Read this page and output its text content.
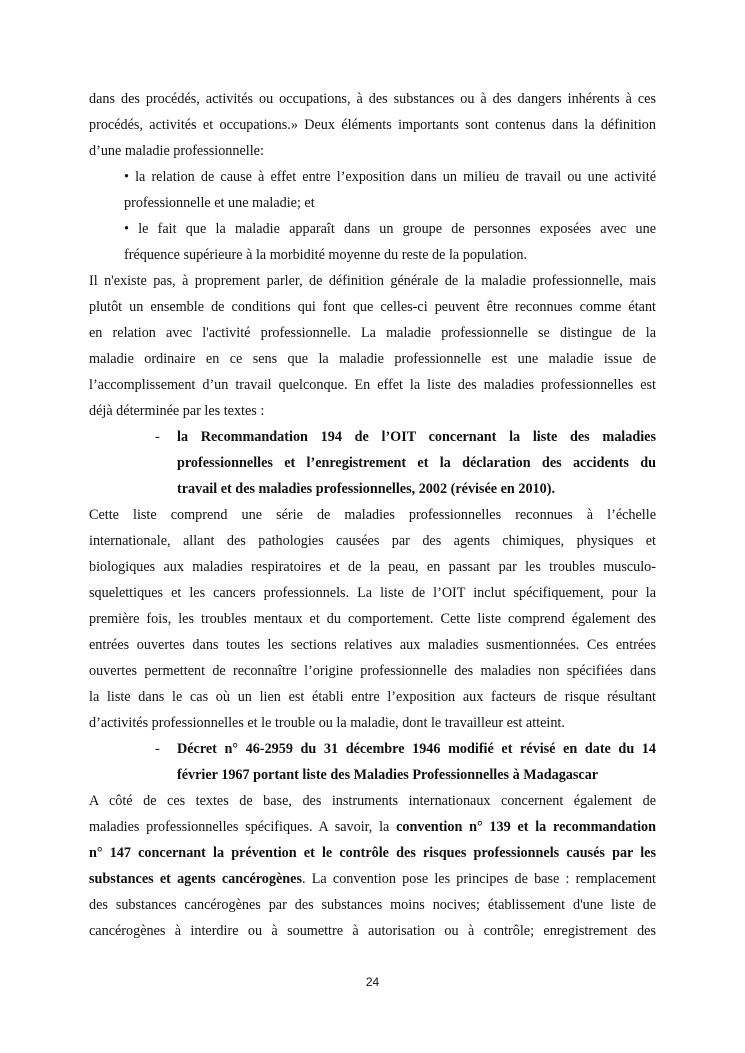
dans des procédés, activités ou occupations, à des substances ou à des dangers inhérents à ces
procédés, activités et occupations.» Deux éléments importants sont contenus dans la définition
d’une maladie professionnelle:
• la relation de cause à effet entre l’exposition dans un milieu de travail ou une activité
professionnelle et une maladie; et
• le fait que la maladie apparaît dans un groupe de personnes exposées avec une
fréquence supérieure à la morbidité moyenne du reste de la population.
Il n'existe pas, à proprement parler, de définition générale de la maladie professionnelle, mais
plutôt un ensemble de conditions qui font que celles-ci peuvent être reconnues comme étant
en relation avec l'activité professionnelle. La maladie professionnelle se distingue de la
maladie ordinaire en ce sens que la maladie professionnelle est une maladie issue de
l’accomplissement d’un travail quelconque. En effet la liste des maladies professionnelles est
déjà déterminée par les textes :
- la Recommandation 194 de l’OIT concernant la liste des maladies
professionnelles et l’enregistrement et la déclaration des accidents du
travail et des maladies professionnelles, 2002 (révisée en 2010).
Cette liste comprend une série de maladies professionnelles reconnues à l’échelle
internationale, allant des pathologies causées par des agents chimiques, physiques et
biologiques aux maladies respiratoires et de la peau, en passant par les troubles musculo-
squelettiques et les cancers professionnels. La liste de l’OIT inclut spécifiquement, pour la
première fois, les troubles mentaux et du comportement. Cette liste comprend également des
entrées ouvertes dans toutes les sections relatives aux maladies susmentionnées. Ces entrées
ouvertes permettent de reconnaître l’origine professionnelle des maladies non spécifiées dans
la liste dans le cas où un lien est établi entre l’exposition aux facteurs de risque résultant
d’activités professionnelles et le trouble ou la maladie, dont le travailleur est atteint.
- Décret n° 46-2959 du 31 décembre 1946 modifié et révisé en date du 14
février 1967 portant liste des Maladies Professionnelles à Madagascar
A côté de ces textes de base, des instruments internationaux concernent également de
maladies professionnelles spécifiques. A savoir, la convention n° 139 et la recommandation
n° 147 concernant la prévention et le contrôle des risques professionnels causés par les
substances et agents cancérogènes. La convention pose les principes de base : remplacement
des substances cancérogènes par des substances moins nocives; établissement d'une liste de
cancérogènes à interdire ou à soumettre à autorisation ou à contrôle; enregistrement des
24
